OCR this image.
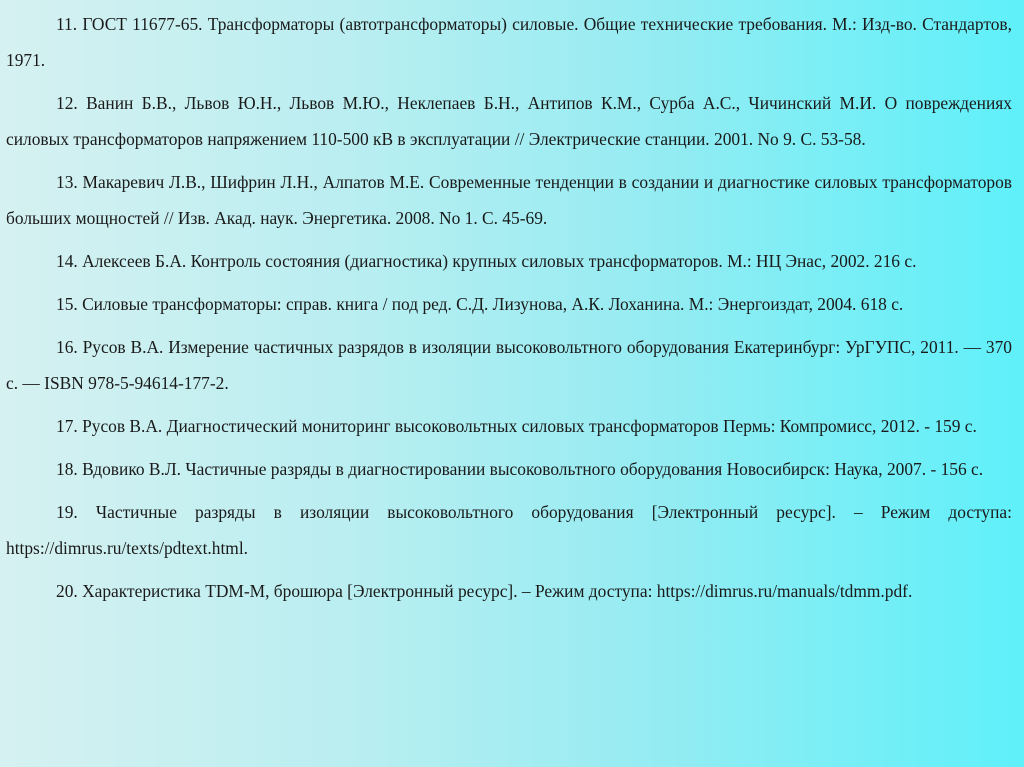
11. ГОСТ 11677-65. Трансформаторы (автотрансформаторы) силовые. Общие технические требования. М.: Изд-во. Стандартов, 1971.

12. Ванин Б.В., Львов Ю.Н., Львов М.Ю., Неклепаев Б.Н., Антипов К.М., Сурба А.С., Чичинский М.И. О повреждениях силовых трансформаторов напряжением 110-500 кВ в эксплуатации // Электрические станции. 2001. No 9. С. 53-58.

13. Макаревич Л.В., Шифрин Л.Н., Алпатов М.Е. Современные тенденции в создании и диагностике силовых трансформаторов больших мощностей // Изв. Акад. наук. Энергетика. 2008. No 1. С. 45-69.

14. Алексеев Б.А. Контроль состояния (диагностика) крупных силовых трансформаторов. М.: НЦ Энас, 2002. 216 с.

15. Силовые трансформаторы: справ. книга / под ред. С.Д. Лизунова, А.К. Лоханина. М.: Энергоиздат, 2004. 618 с.

16. Русов В.А. Измерение частичных разрядов в изоляции высоковольтного оборудования Екатеринбург: УрГУПС, 2011. — 370 с. — ISBN 978-5-94614-177-2.

17. Русов В.А. Диагностический мониторинг высоковольтных силовых трансформаторов Пермь: Компромисс, 2012. - 159 с.

18. Вдовико В.Л. Частичные разряды в диагностировании высоковольтного оборудования Новосибирск: Наука, 2007. - 156 с.

19. Частичные разряды в изоляции высоковольтного оборудования [Электронный ресурс]. – Режим доступа: https://dimrus.ru/texts/pdtext.html.

20. Характеристика TDM-M, брошюра [Электронный ресурс]. – Режим доступа: https://dimrus.ru/manuals/tdmm.pdf.
